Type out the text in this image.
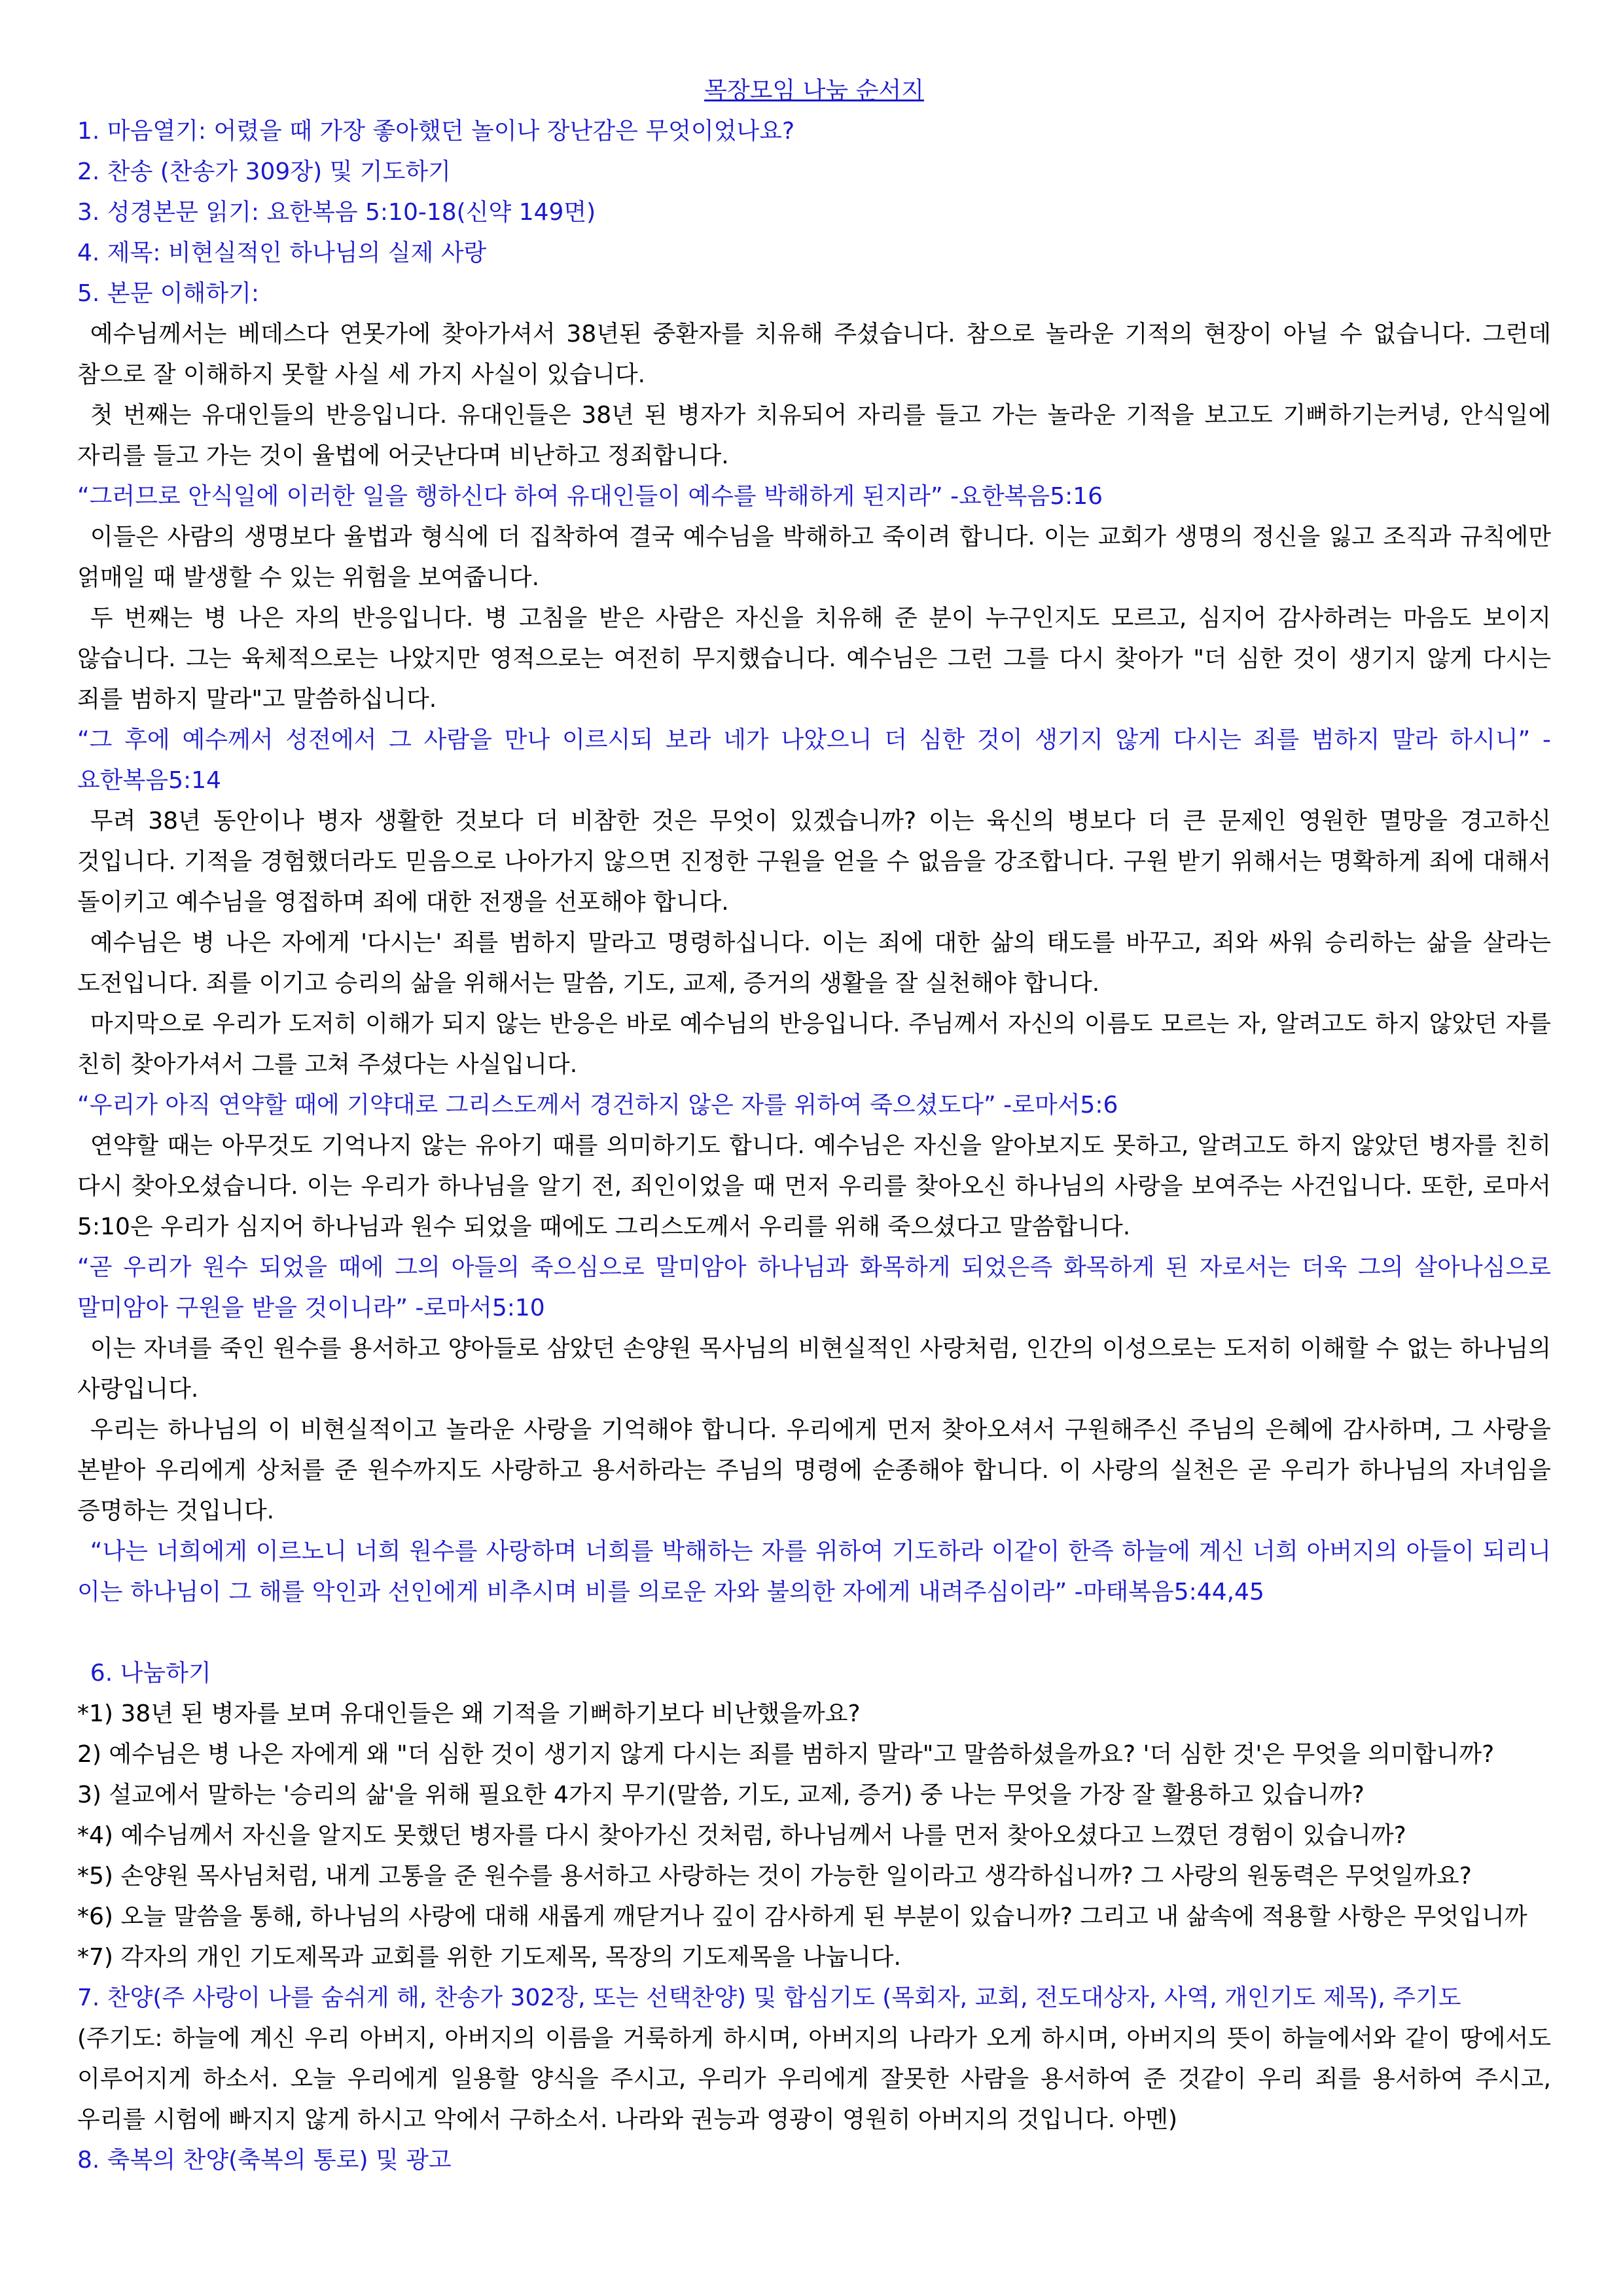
목장모임 나눔 순서지

1. 마음열기: 어렸을 때 가장 좋아했던 놀이나 장난감은 무엇이었나요?

2. 찬송 (찬송가 309장) 및 기도하기

3. 성경본문 읽기: 요한복음 5:10-18(신약 149면)

4. 제목: 비현실적인 하나님의 실제 사랑

5. 본문 이해하기:

예수님께서는 베데스다 연못가에 찾아가셔서 38년된 중환자를 치유해 주셨습니다. 참으로 놀라운 기적의 현장이 아닐 수 없습니다. 그런데 참으로 잘 이해하지 못할 사실 세 가지 사실이 있습니다.

첫 번째는 유대인들의 반응입니다. 유대인들은 38년 된 병자가 치유되어 자리를 들고 가는 놀라운 기적을 보고도 기뻐하기는커녕, 안식일에 자리를 들고 가는 것이 율법에 어긋난다며 비난하고 정죄합니다.

“그러므로 안식일에 이러한 일을 행하신다 하여 유대인들이 예수를 박해하게 된지라” -요한복음5:16

이들은 사람의 생명보다 율법과 형식에 더 집착하여 결국 예수님을 박해하고 죽이려 합니다. 이는 교회가 생명의 정신을 잃고 조직과 규칙에만 얽매일 때 발생할 수 있는 위험을 보여줍니다.

두 번째는 병 나은 자의 반응입니다. 병 고침을 받은 사람은 자신을 치유해 준 분이 누구인지도 모르고, 심지어 감사하려는 마음도 보이지 않습니다. 그는 육체적으로는 나았지만 영적으로는 여전히 무지했습니다. 예수님은 그런 그를 다시 찾아가 "더 심한 것이 생기지 않게 다시는 죄를 범하지 말라"고 말씀하십니다.

“그 후에 예수께서 성전에서 그 사람을 만나 이르시되 보라 네가 나았으니 더 심한 것이 생기지 않게 다시는 죄를 범하지 말라 하시니” -요한복음5:14

무려 38년 동안이나 병자 생활한 것보다 더 비참한 것은 무엇이 있겠습니까? 이는 육신의 병보다 더 큰 문제인 영원한 멸망을 경고하신 것입니다. 기적을 경험했더라도 믿음으로 나아가지 않으면 진정한 구원을 얻을 수 없음을 강조합니다. 구원 받기 위해서는 명확하게 죄에 대해서 돌이키고 예수님을 영접하며 죄에 대한 전쟁을 선포해야 합니다.

예수님은 병 나은 자에게 '다시는' 죄를 범하지 말라고 명령하십니다. 이는 죄에 대한 삶의 태도를 바꾸고, 죄와 싸워 승리하는 삶을 살라는 도전입니다. 죄를 이기고 승리의 삶을 위해서는 말씀, 기도, 교제, 증거의 생활을 잘 실천해야 합니다.

마지막으로 우리가 도저히 이해가 되지 않는 반응은 바로 예수님의 반응입니다. 주님께서 자신의 이름도 모르는 자, 알려고도 하지 않았던 자를 친히 찾아가셔서 그를 고쳐 주셨다는 사실입니다.

“우리가 아직 연약할 때에 기약대로 그리스도께서 경건하지 않은 자를 위하여 죽으셨도다” -로마서5:6

연약할 때는 아무것도 기억나지 않는 유아기 때를 의미하기도 합니다. 예수님은 자신을 알아보지도 못하고, 알려고도 하지 않았던 병자를 친히 다시 찾아오셨습니다. 이는 우리가 하나님을 알기 전, 죄인이었을 때 먼저 우리를 찾아오신 하나님의 사랑을 보여주는 사건입니다. 또한, 로마서 5:10은 우리가 심지어 하나님과 원수 되었을 때에도 그리스도께서 우리를 위해 죽으셨다고 말씀합니다.

“곧 우리가 원수 되었을 때에 그의 아들의 죽으심으로 말미암아 하나님과 화목하게 되었은즉 화목하게 된 자로서는 더욱 그의 살아나심으로 말미암아 구원을 받을 것이니라” -로마서5:10

이는 자녀를 죽인 원수를 용서하고 양아들로 삼았던 손양원 목사님의 비현실적인 사랑처럼, 인간의 이성으로는 도저히 이해할 수 없는 하나님의 사랑입니다.

우리는 하나님의 이 비현실적이고 놀라운 사랑을 기억해야 합니다. 우리에게 먼저 찾아오셔서 구원해주신 주님의 은혜에 감사하며, 그 사랑을 본받아 우리에게 상처를 준 원수까지도 사랑하고 용서하라는 주님의 명령에 순종해야 합니다. 이 사랑의 실천은 곧 우리가 하나님의 자녀임을 증명하는 것입니다.

“나는 너희에게 이르노니 너희 원수를 사랑하며 너희를 박해하는 자를 위하여 기도하라 이같이 한즉 하늘에 계신 너희 아버지의 아들이 되리니 이는 하나님이 그 해를 악인과 선인에게 비추시며 비를 의로운 자와 불의한 자에게 내려주심이라” -마태복음5:44,45

6. 나눔하기

*1) 38년 된 병자를 보며 유대인들은 왜 기적을 기뻐하기보다 비난했을까요?

2) 예수님은 병 나은 자에게 왜 "더 심한 것이 생기지 않게 다시는 죄를 범하지 말라"고 말씀하셨을까요? '더 심한 것'은 무엇을 의미합니까?

3) 설교에서 말하는 '승리의 삶'을 위해 필요한 4가지 무기(말씀, 기도, 교제, 증거) 중 나는 무엇을 가장 잘 활용하고 있습니까?

*4) 예수님께서 자신을 알지도 못했던 병자를 다시 찾아가신 것처럼, 하나님께서 나를 먼저 찾아오셨다고 느꼈던 경험이 있습니까?

*5) 손양원 목사님처럼, 내게 고통을 준 원수를 용서하고 사랑하는 것이 가능한 일이라고 생각하십니까? 그 사랑의 원동력은 무엇일까요?

*6) 오늘 말씀을 통해, 하나님의 사랑에 대해 새롭게 깨닫거나 깊이 감사하게 된 부분이 있습니까? 그리고 내 삶속에 적용할 사항은 무엇입니까

*7) 각자의 개인 기도제목과 교회를 위한 기도제목, 목장의 기도제목을 나눕니다.

7. 찬양(주 사랑이 나를 숨쉬게 해, 찬송가 302장, 또는 선택찬양) 및 합심기도 (목회자, 교회, 전도대상자, 사역, 개인기도 제목), 주기도

(주기도: 하늘에 계신 우리 아버지, 아버지의 이름을 거룩하게 하시며, 아버지의 나라가 오게 하시며, 아버지의 뜻이 하늘에서와 같이 땅에서도 이루어지게 하소서. 오늘 우리에게 일용할 양식을 주시고, 우리가 우리에게 잘못한 사람을 용서하여 준 것같이 우리 죄를 용서하여 주시고, 우리를 시험에 빠지지 않게 하시고 악에서 구하소서. 나라와 권능과 영광이 영원히 아버지의 것입니다. 아멘)

8. 축복의 찬양(축복의 통로) 및 광고
